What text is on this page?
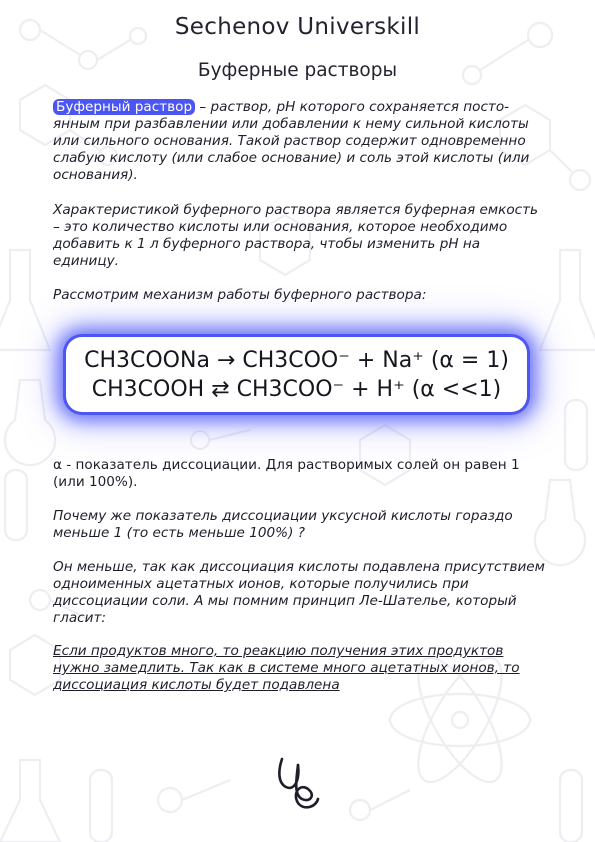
Sechenov Universkill
Буферные растворы
Буферный раствор – раствор, pH которого сохраняется посто-янным при разбавлении или добавлении к нему сильной кислоты или сильного основания. Такой раствор содержит одновременно слабую кислоту (или слабое основание) и соль этой кислоты (или основания).
Характеристикой буферного раствора является буферная емкость – это количество кислоты или основания, которое необходимо добавить к 1 л буферного раствора, чтобы изменить pH на единицу.
Рассмотрим механизм работы буферного раствора:
CH3COONa → CH3COO⁻ + Na⁺ (α = 1)
CH3COOH ⇄ CH3COO⁻ + H⁺ (α <<1)
α - показатель диссоциации. Для растворимых солей он равен 1 (или 100%).
Почему же показатель диссоциации уксусной кислоты гораздо меньше 1 (то есть меньше 100%) ?
Он меньше, так как диссоциация кислоты подавлена присутствием одноименных ацетатных ионов, которые получились при диссоциации соли. А мы помним принцип Ле-Шателье, который гласит:
Если продуктов много, то реакцию получения этих продуктов нужно замедлить. Так как в системе много ацетатных ионов, то диссоциация кислоты будет подавлена
